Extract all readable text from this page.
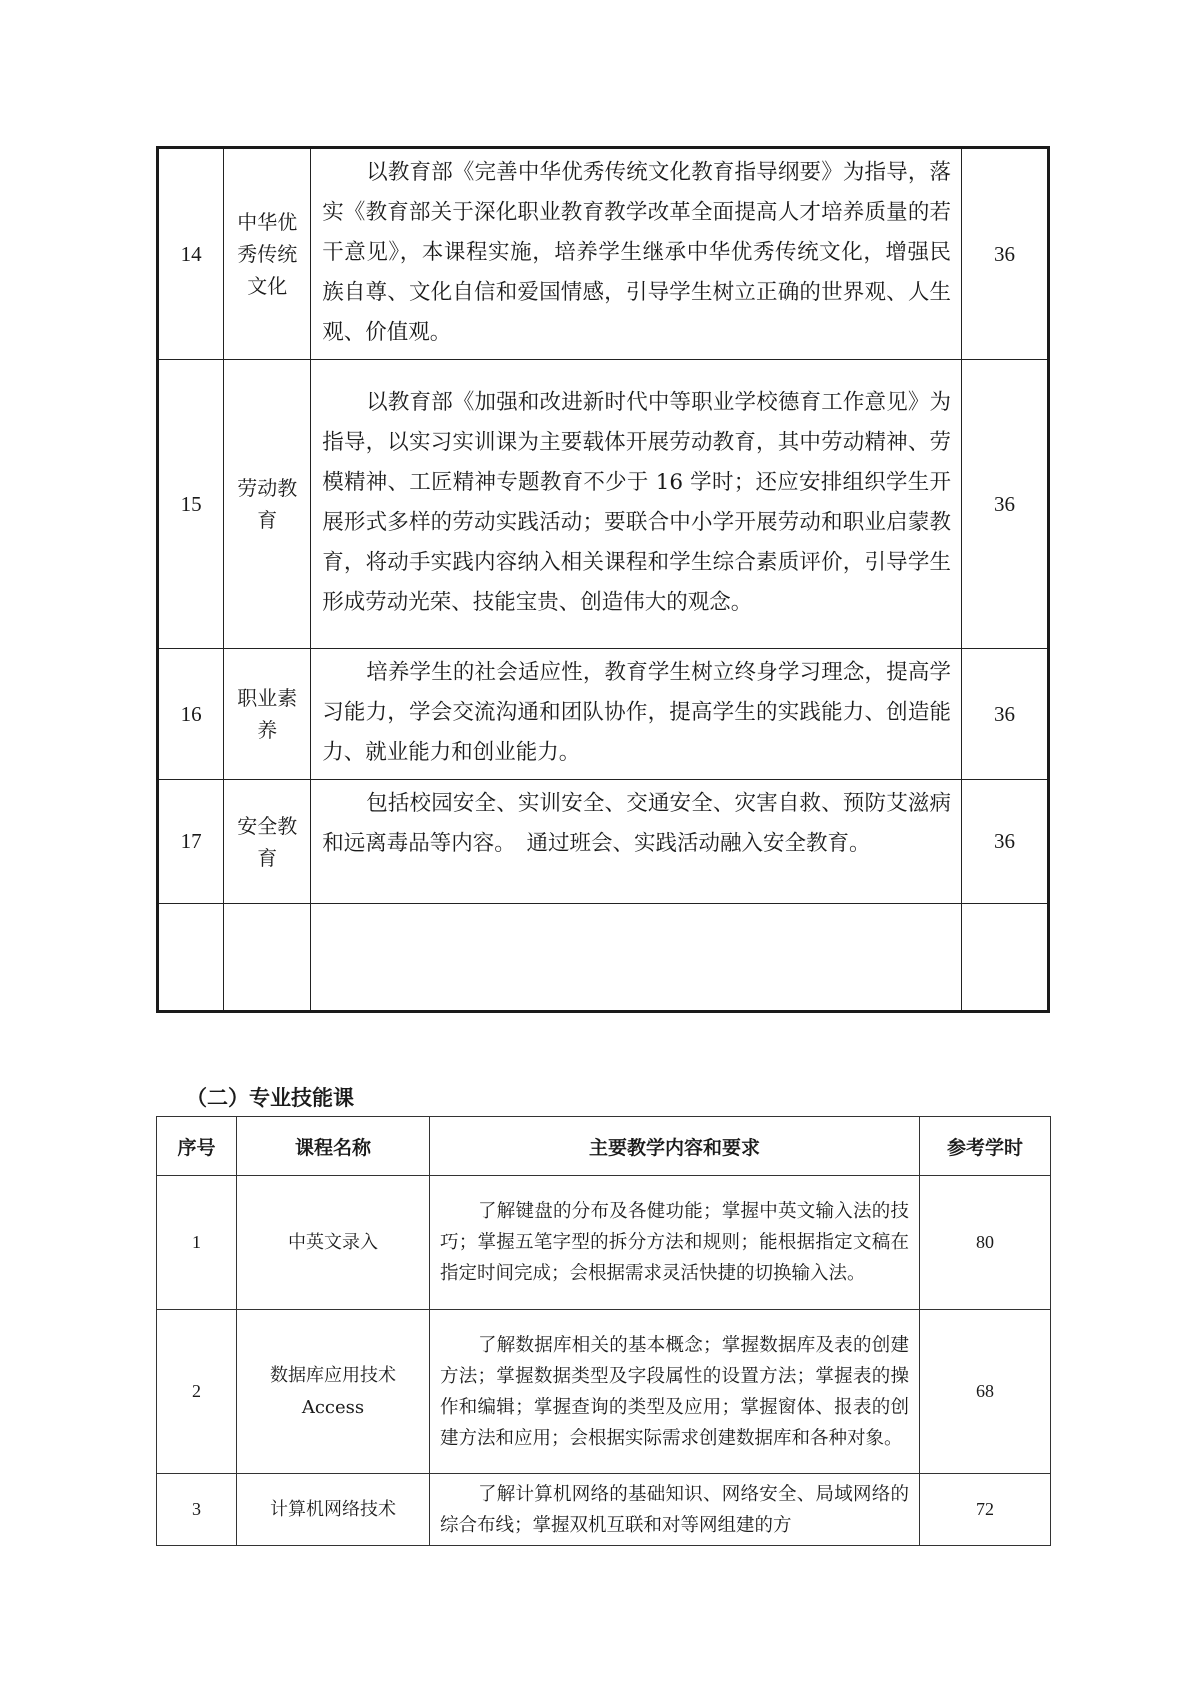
14	中华优秀传统文化	以教育部《完善中华优秀传统文化教育指导纲要》为指导，落实《教育部关于深化职业教育教学改革全面提高人才培养质量的若干意见》，本课程实施，培养学生继承中华优秀传统文化，增强民族自尊、文化自信和爱国情感，引导学生树立正确的世界观、人生观、价值观。	36
15	劳动教育	以教育部《加强和改进新时代中等职业学校德育工作意见》为指导，以实习实训课为主要载体开展劳动教育，其中劳动精神、劳模精神、工匠精神专题教育不少于 16 学时；还应安排组织学生开展形式多样的劳动实践活动；要联合中小学开展劳动和职业启蒙教育，将动手实践内容纳入相关课程和学生综合素质评价，引导学生形成劳动光荣、技能宝贵、创造伟大的观念。	36
16	职业素养	培养学生的社会适应性，教育学生树立终身学习理念，提高学习能力，学会交流沟通和团队协作，提高学生的实践能力、创造能力、就业能力和创业能力。	36
17	安全教育	包括校园安全、实训安全、交通安全、灾害自救、预防艾滋病和远离毒品等内容。　通过班会、实践活动融入安全教育。	36

（二）专业技能课
序号	课程名称	主要教学内容和要求	参考学时
1	中英文录入	了解键盘的分布及各健功能；掌握中英文输入法的技巧；掌握五笔字型的拆分方法和规则；能根据指定文稿在指定时间完成；会根据需求灵活快捷的切换输入法。	80
2	数据库应用技术 Access	了解数据库相关的基本概念；掌握数据库及表的创建方法；掌握数据类型及字段属性的设置方法；掌握表的操作和编辑；掌握查询的类型及应用；掌握窗体、报表的创建方法和应用；会根据实际需求创建数据库和各种对象。	68
3	计算机网络技术	了解计算机网络的基础知识、网络安全、局域网络的综合布线；掌握双机互联和对等网组建的方	72
